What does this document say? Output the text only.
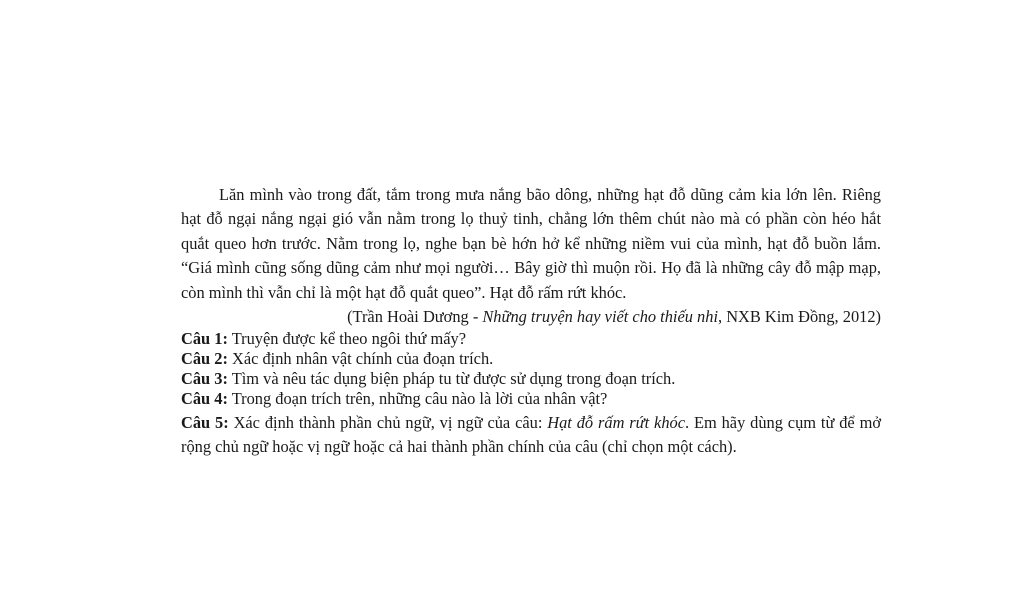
Lăn mình vào trong đất, tắm trong mưa nắng bão dông, những hạt đỗ dũng cảm kia lớn lên. Riêng hạt đỗ ngại nắng ngại gió vẫn nằm trong lọ thuỷ tinh, chẳng lớn thêm chút nào mà có phần còn héo hắt quắt queo hơn trước. Nằm trong lọ, nghe bạn bè hớn hở kể những niềm vui của mình, hạt đỗ buồn lắm. “Giá mình cũng sống dũng cảm như mọi người… Bây giờ thì muộn rồi. Họ đã là những cây đỗ mập mạp, còn mình thì vẫn chỉ là một hạt đỗ quắt queo”. Hạt đỗ rấm rứt khóc.

(Trần Hoài Dương - Những truyện hay viết cho thiếu nhi, NXB Kim Đồng, 2012)

Câu 1: Truyện được kể theo ngôi thứ mấy?

Câu 2: Xác định nhân vật chính của đoạn trích.

Câu 3: Tìm và nêu tác dụng biện pháp tu từ được sử dụng trong đoạn trích.

Câu 4: Trong đoạn trích trên, những câu nào là lời của nhân vật?

Câu 5: Xác định thành phần chủ ngữ, vị ngữ của câu: Hạt đỗ rấm rứt khóc. Em hãy dùng cụm từ để mở rộng chủ ngữ hoặc vị ngữ hoặc cả hai thành phần chính của câu (chỉ chọn một cách).
